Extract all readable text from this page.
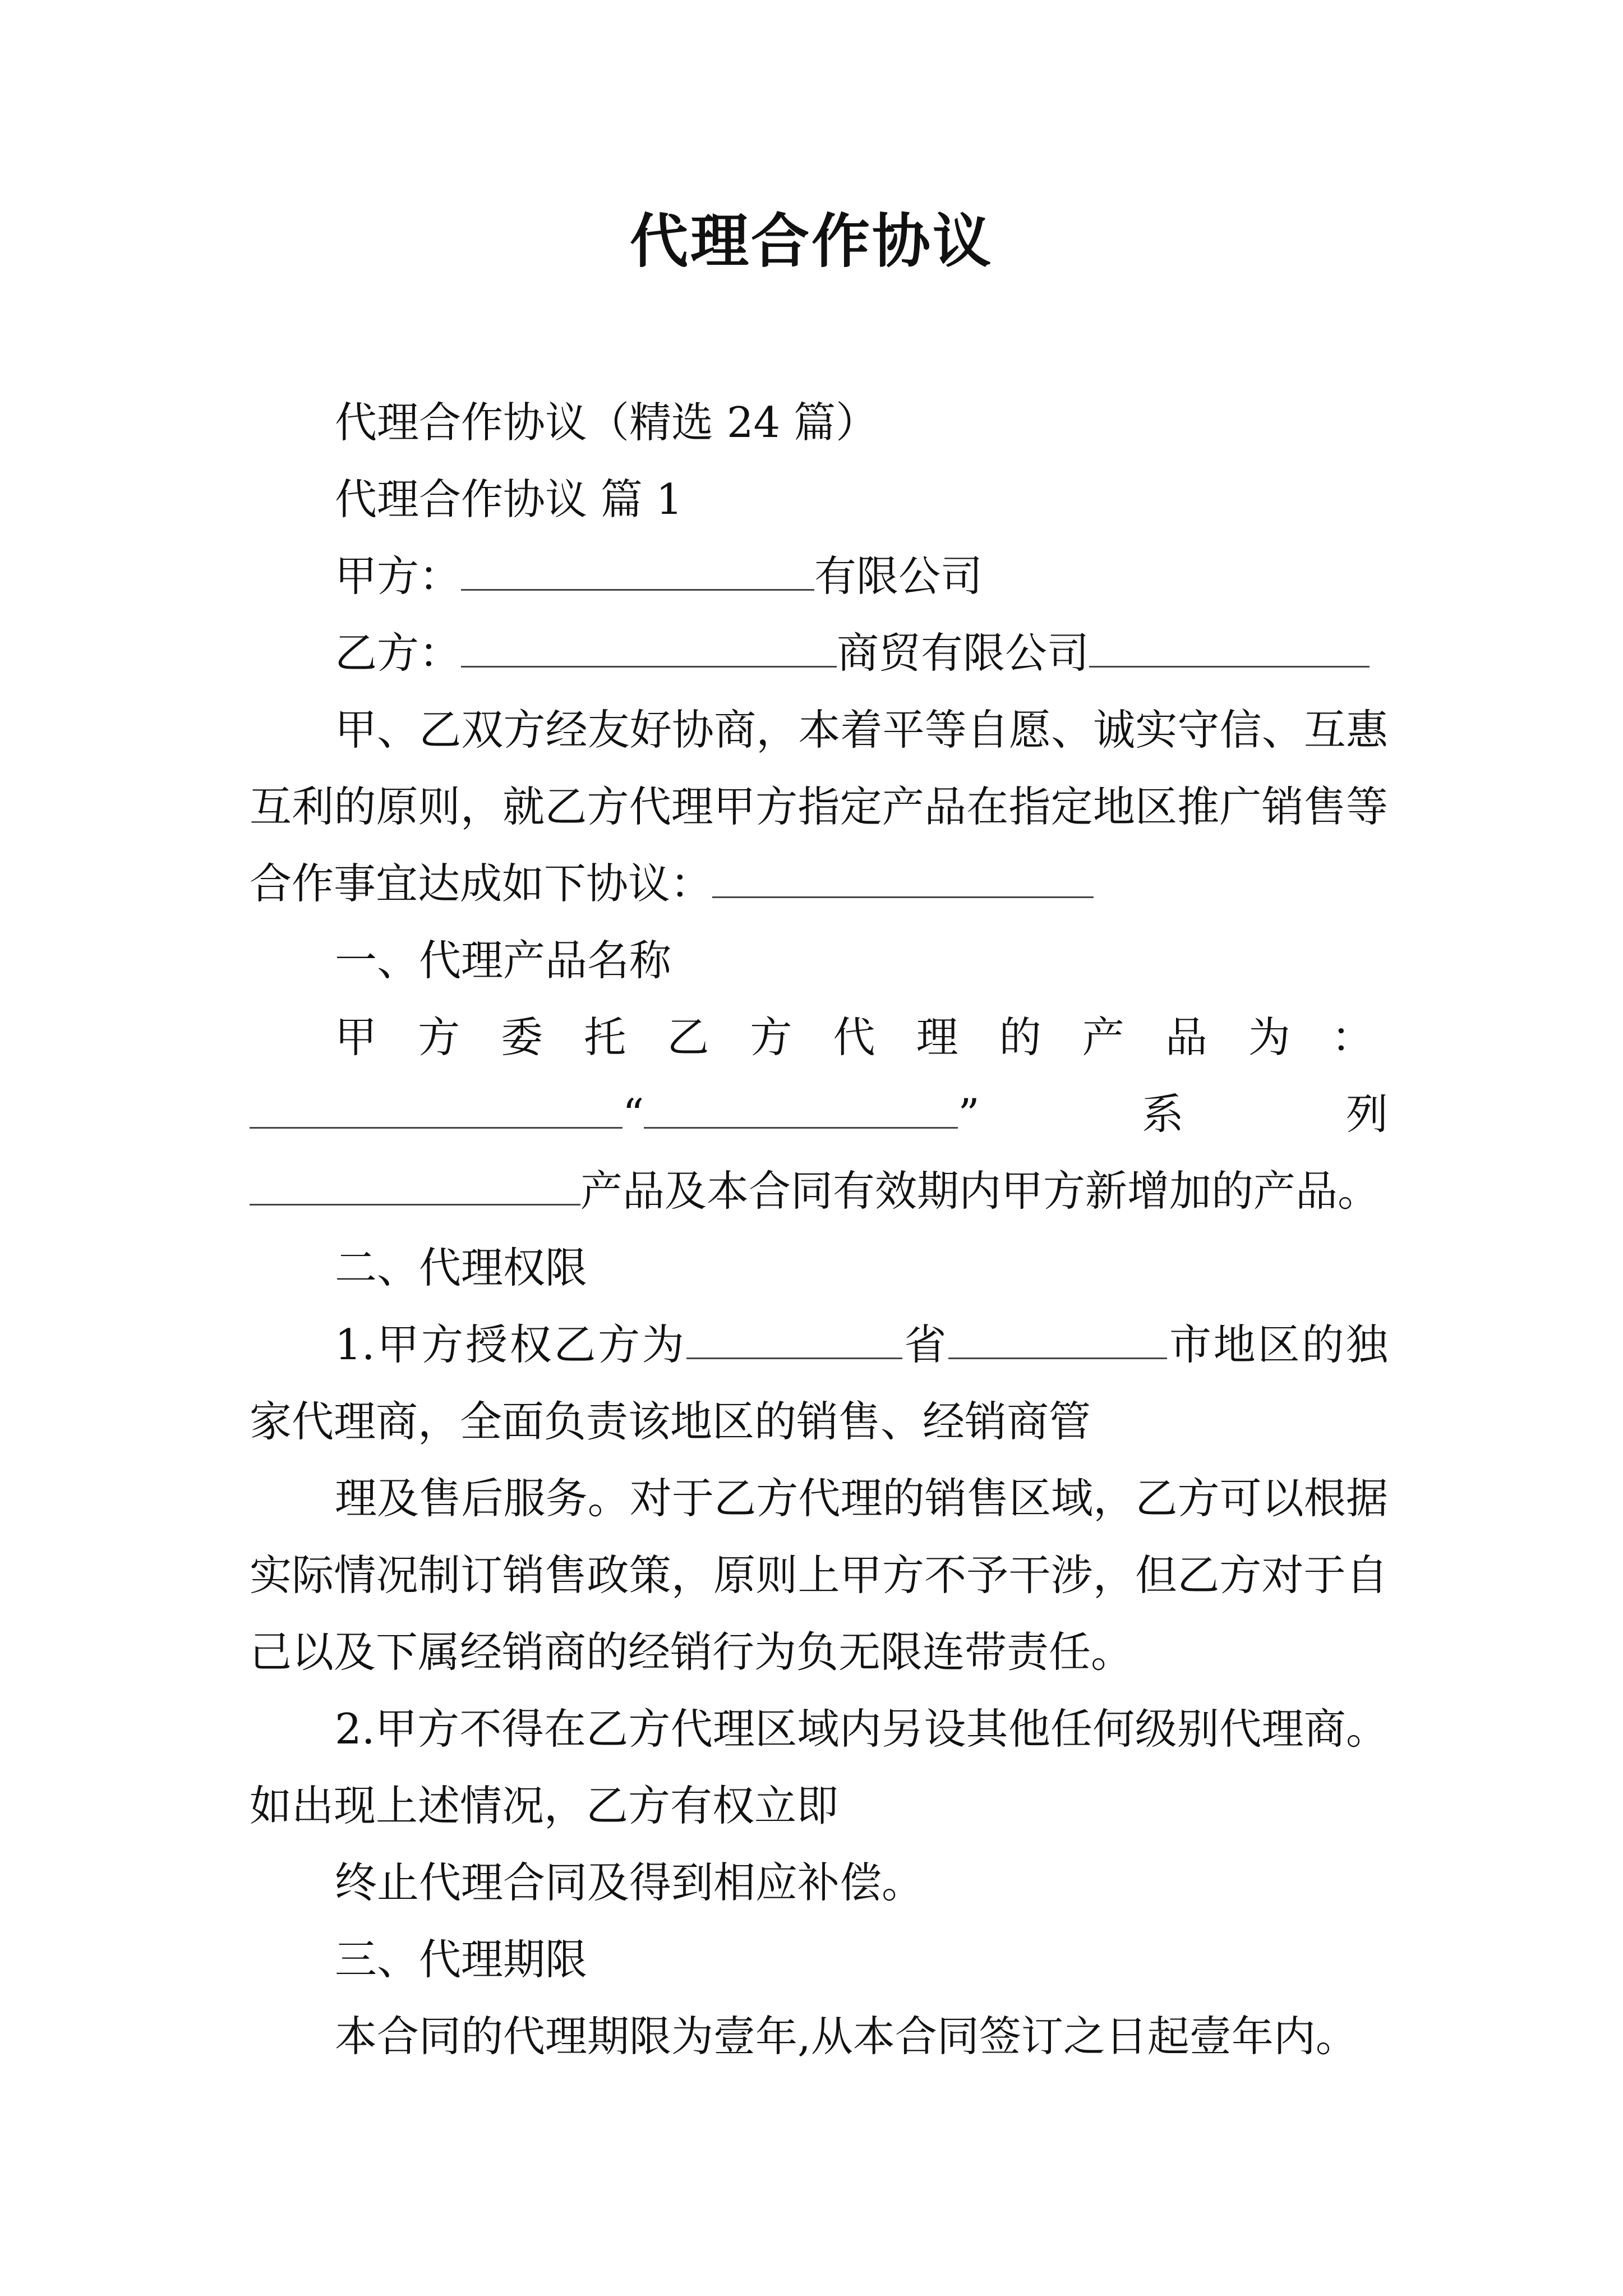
代理合作协议

代理合作协议（精选 24 篇）

代理合作协议 篇 1

甲方：	有限公司

乙方：	商贸有限公司

甲、乙双方经友好协商，本着平等自愿、诚实守信、互惠互利的原则，就乙方代理甲方指定产品在指定地区推广销售等合作事宜达成如下协议：

一、代理产品名称

甲方委托乙方代理的产品为：“	”系列产品及本合同有效期内甲方新增加的产品。

二、代理权限

1.甲方授权乙方为	省	市地区的独家代理商，全面负责该地区的销售、经销商管

理及售后服务。对于乙方代理的销售区域，乙方可以根据实际情况制订销售政策，原则上甲方不予干涉，但乙方对于自己以及下属经销商的经销行为负无限连带责任。

2.甲方不得在乙方代理区域内另设其他任何级别代理商。如出现上述情况，乙方有权立即

终止代理合同及得到相应补偿。

三、代理期限

本合同的代理期限为壹年,从本合同签订之日起壹年内。
